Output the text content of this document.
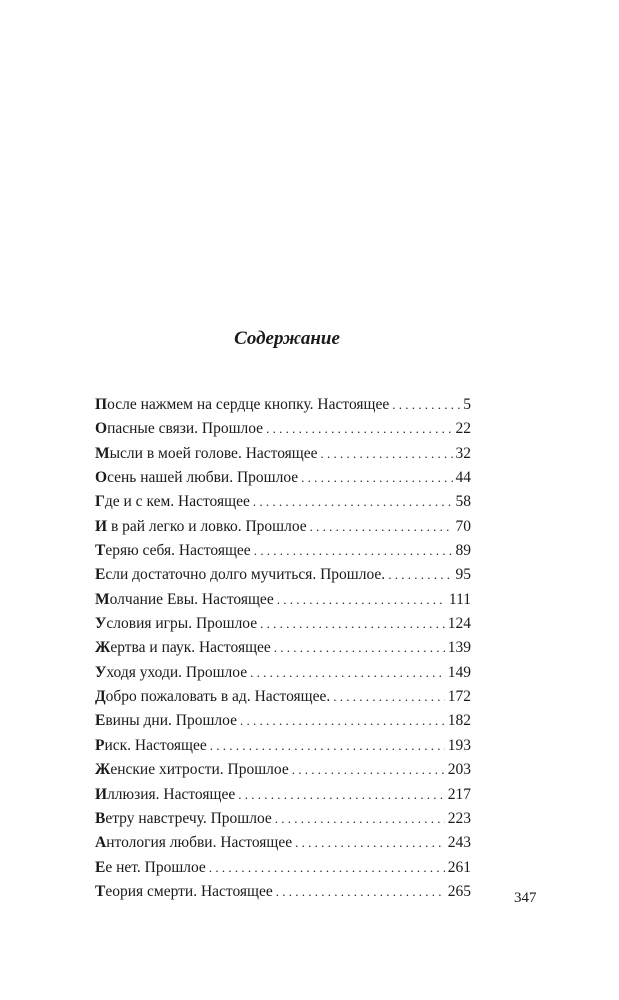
Содержание
После нажмем на сердце кнопку. Настоящее . . .	5
Опасные связи. Прошлое . . .	22
Мысли в моей голове. Настоящее . . .	32
Осень нашей любви. Прошлое . . .	44
Где и с кем. Настоящее . . .	58
И в рай легко и ловко. Прошлое . . .	70
Теряю себя. Настоящее . . .	89
Если достаточно долго мучиться. Прошлое. . . .	95
Молчание Евы. Настоящее . . .	111
Условия игры. Прошлое . . .	124
Жертва и паук. Настоящее . . .	139
Уходя уходи. Прошлое . . .	149
Добро пожаловать в ад. Настоящее. . . .	172
Евины дни. Прошлое . . .	182
Риск. Настоящее . . .	193
Женские хитрости. Прошлое . . .	203
Иллюзия. Настоящее . . .	217
Ветру навстречу. Прошлое . . .	223
Антология любви. Настоящее . . .	243
Ее нет. Прошлое . . .	261
Теория смерти. Настоящее . . .	265	347
